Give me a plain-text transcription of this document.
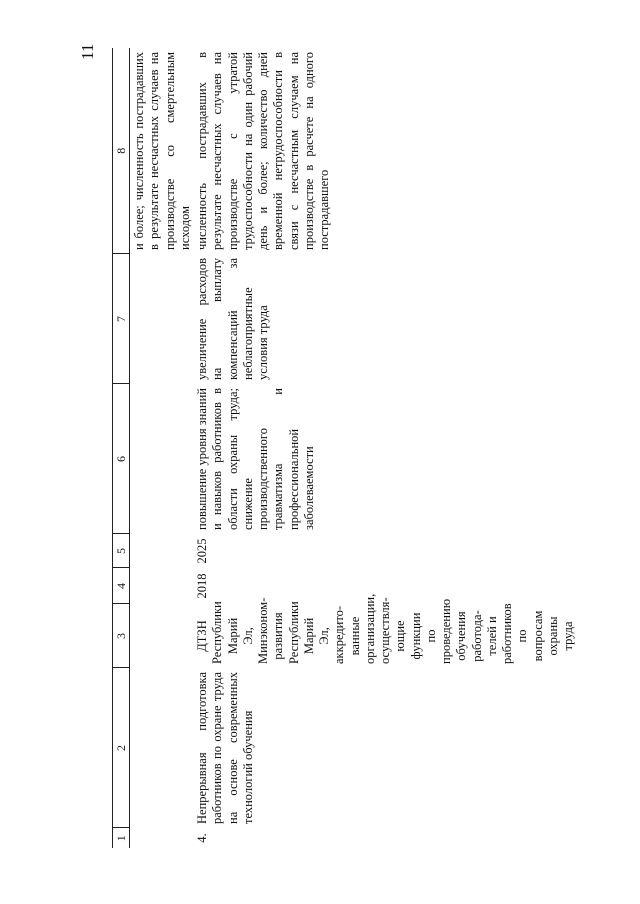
11
1	2	3	4	5	6	7	8
							и более; численность пострадавших в результате несчастных случаев на производстве со смертельным исходом
4.	Непрерывная подготовка работников по охране труда на основе современных технологий обучения	ДТЗН Республики Марий Эл, Минэконом-развития Республики Марий Эл, аккредито-ванные организации, осуществля-ющие функции по проведению обучения работода-телей и работников по вопросам охраны труда	2018	2025	повышение уровня знаний и навыков работников в области охраны труда; снижение производственного травматизма и профессиональной заболеваемости	увеличение расходов на выплату компенсаций за неблагоприятные условия труда	численность пострадавших в результате несчастных случаев на производстве с утратой трудоспособности на один рабочий день и более; количество дней временной нетрудоспособности в связи с несчастным случаем на производстве в расчете на одного пострадавшего
